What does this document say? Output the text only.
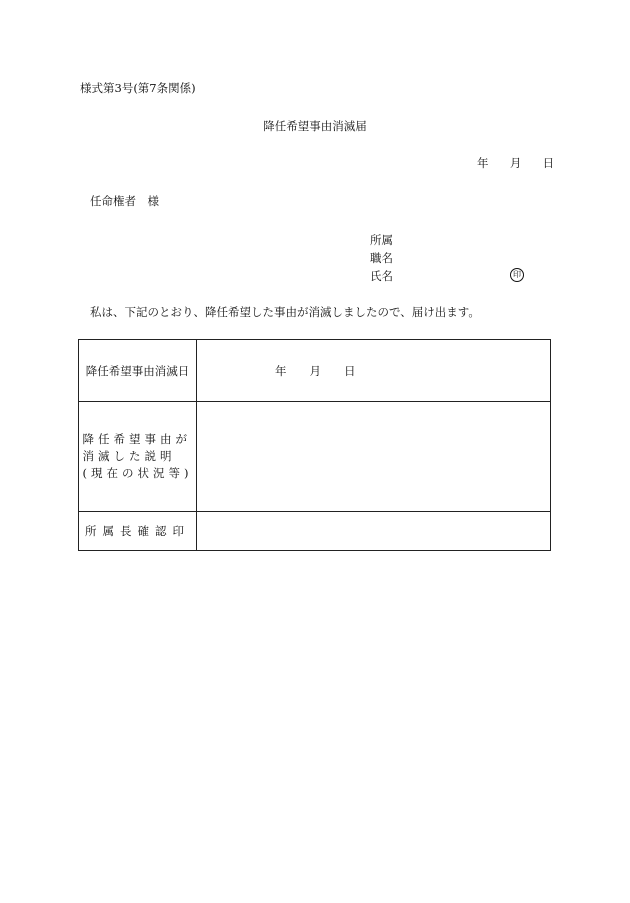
様式第3号(第7条関係)
降任希望事由消滅届
年 月 日
任命権者　様
所属
職名
氏名	印
私は、下記のとおり、降任希望した事由が消滅しましたので、届け出ます。
降任希望事由消滅日	年　　月　　日

降任希望事由が
消滅した説明
(現在の状況等)	

所属長確認印	
